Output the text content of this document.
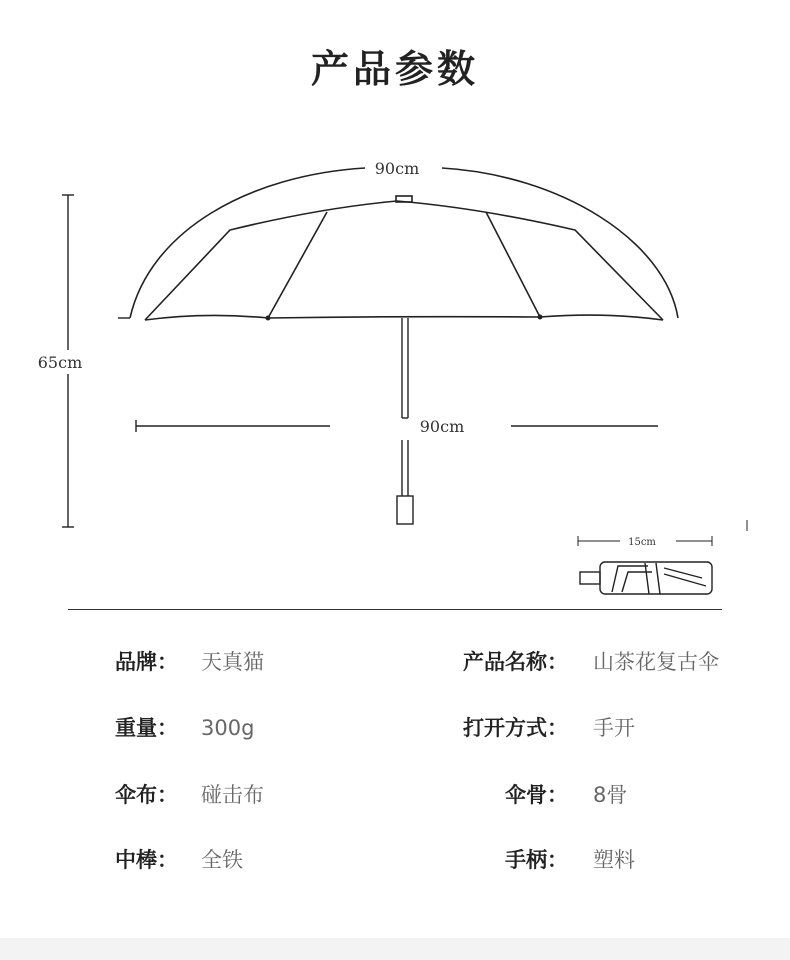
产品参数
90cm
65cm
90cm
15cm
品牌： 天真猫	产品名称： 山茶花复古伞
重量： 300g	打开方式： 手开
伞布： 碰击布	伞骨： 8骨
中棒： 全铁	手柄： 塑料
